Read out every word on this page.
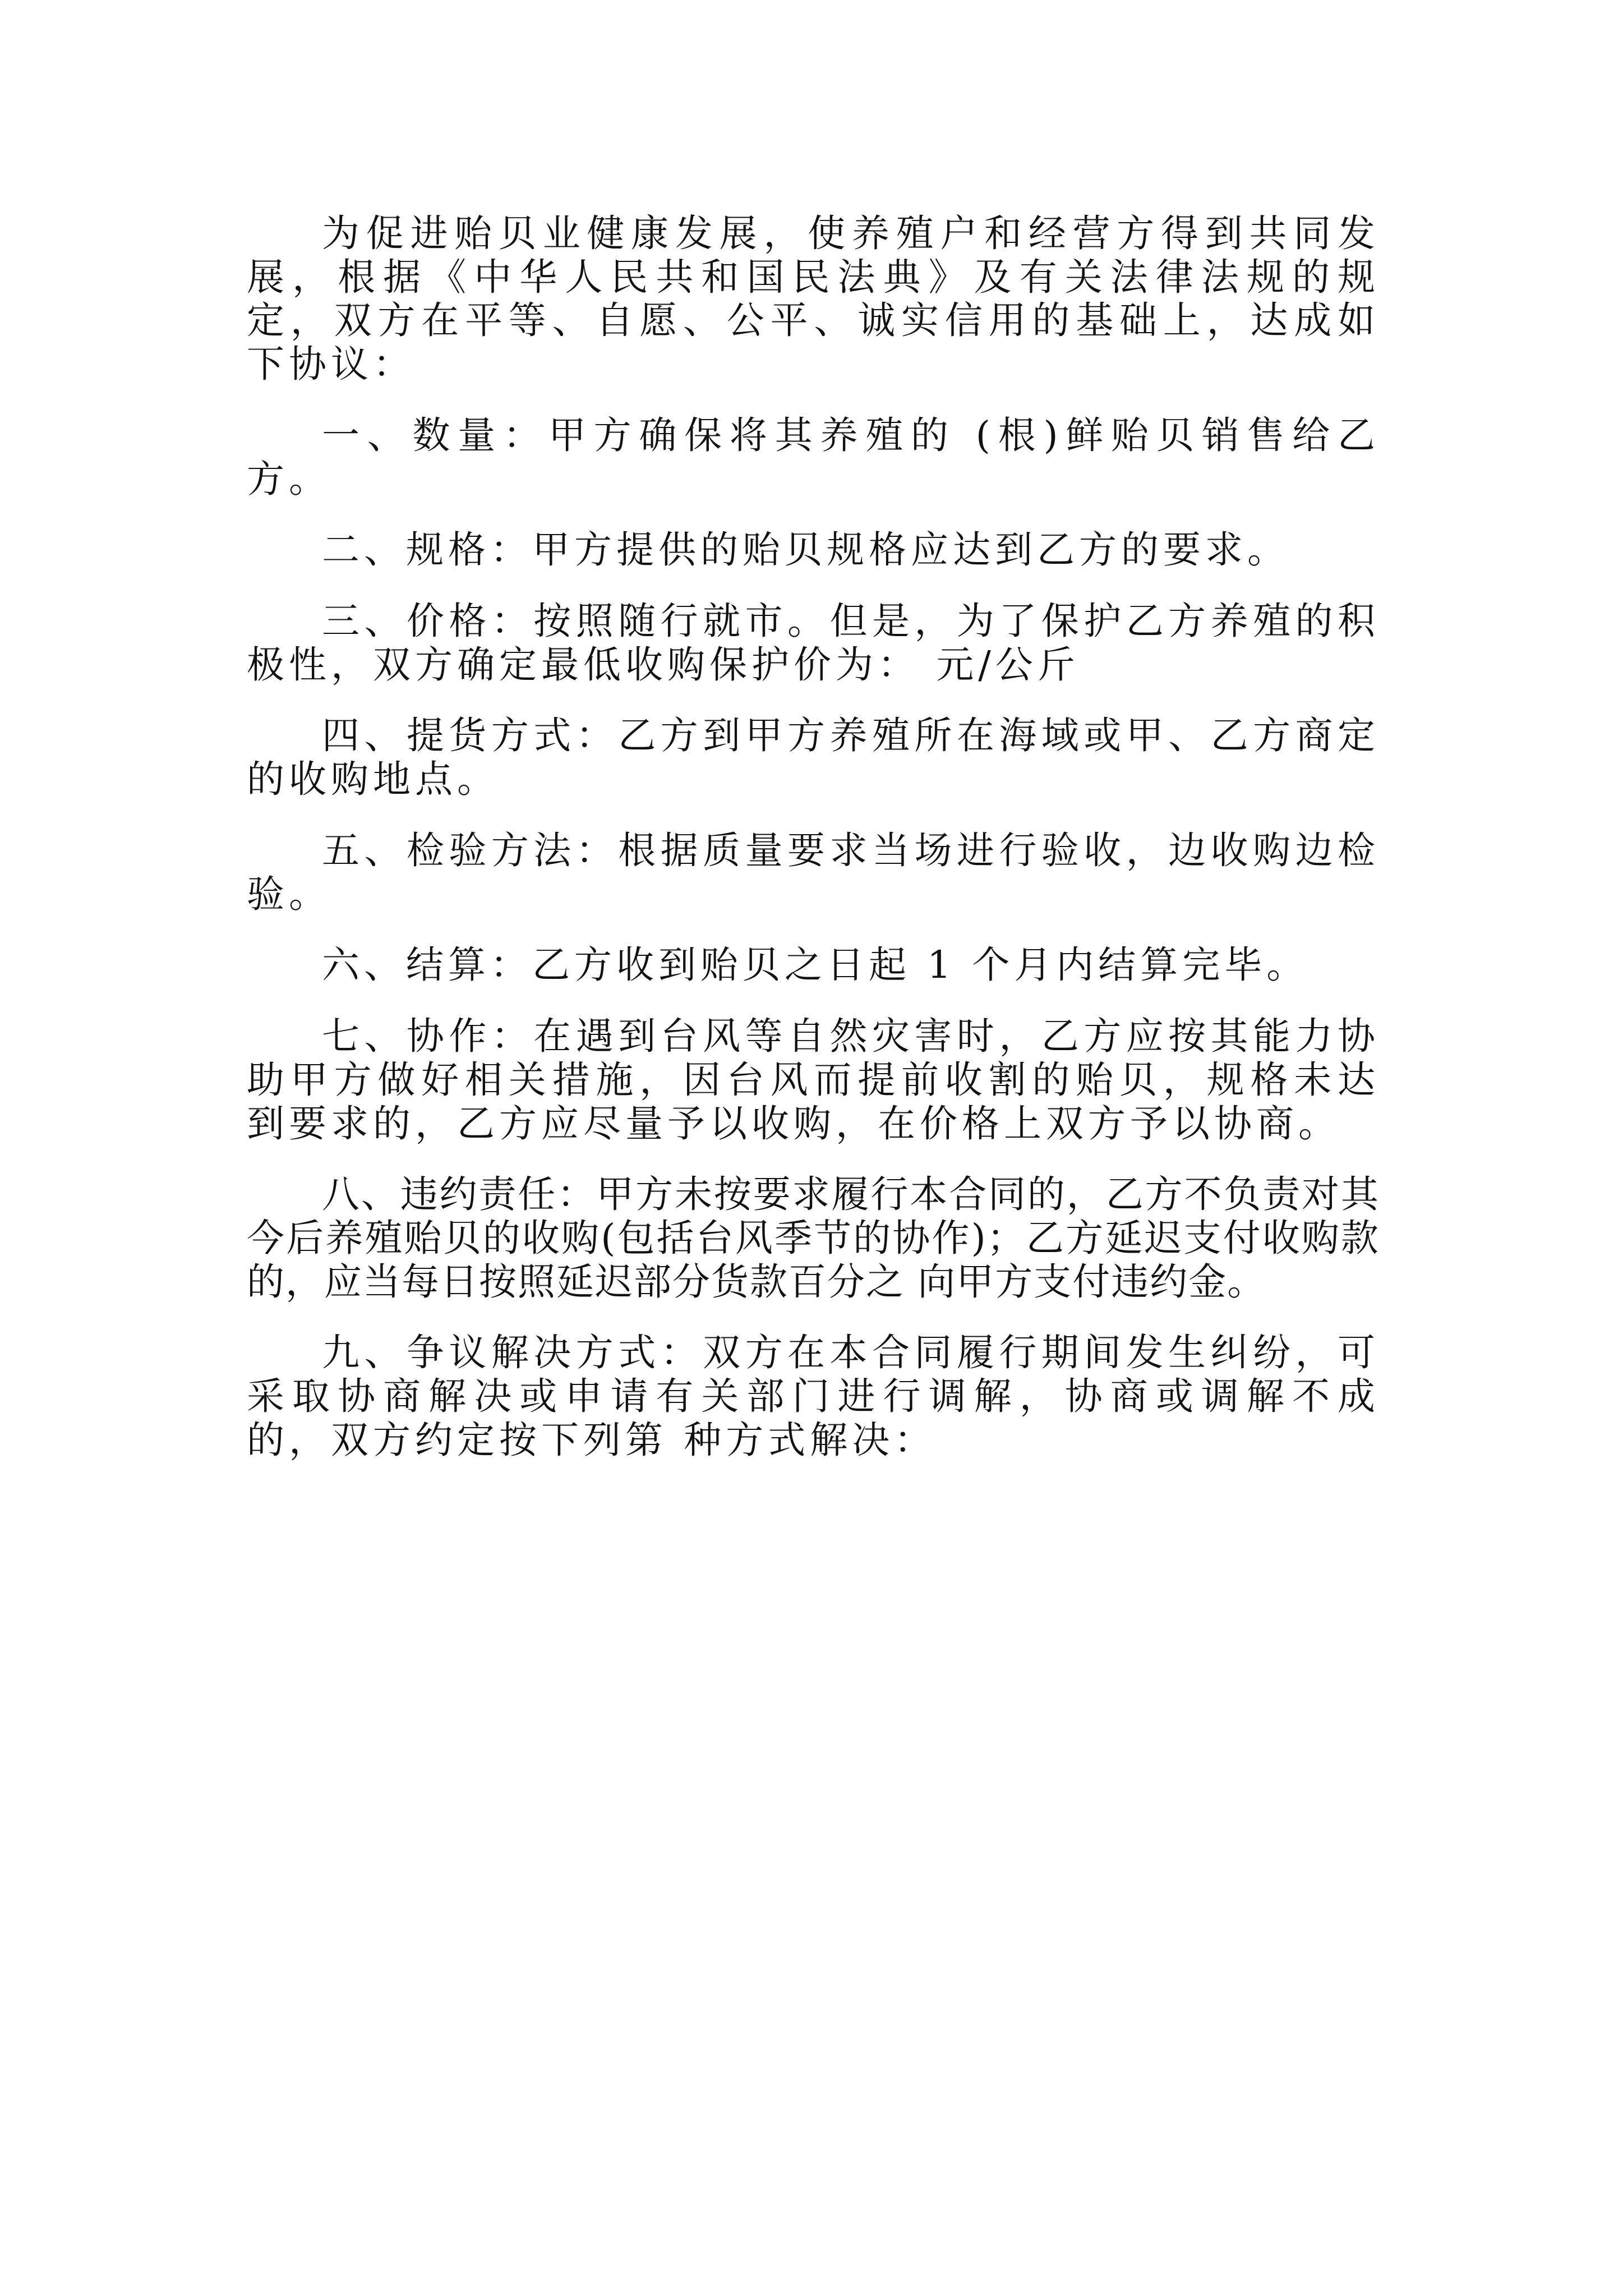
为促进贻贝业健康发展，使养殖户和经营方得到共同发展，根据《中华人民共和国民法典》及有关法律法规的规定，双方在平等、自愿、公平、诚实信用的基础上，达成如下协议：

一、数量：甲方确保将其养殖的 (根)鲜贻贝销售给乙方。

二、规格：甲方提供的贻贝规格应达到乙方的要求。

三、价格：按照随行就市。但是，为了保护乙方养殖的积极性，双方确定最低收购保护价为： 元/公斤

四、提货方式：乙方到甲方养殖所在海域或甲、乙方商定的收购地点。

五、检验方法：根据质量要求当场进行验收，边收购边检验。

六、结算：乙方收到贻贝之日起 1 个月内结算完毕。

七、协作：在遇到台风等自然灾害时，乙方应按其能力协助甲方做好相关措施，因台风而提前收割的贻贝，规格未达到要求的，乙方应尽量予以收购，在价格上双方予以协商。

八、违约责任：甲方未按要求履行本合同的，乙方不负责对其今后养殖贻贝的收购(包括台风季节的协作)；乙方延迟支付收购款的，应当每日按照延迟部分货款百分之 向甲方支付违约金。

九、争议解决方式：双方在本合同履行期间发生纠纷，可采取协商解决或申请有关部门进行调解，协商或调解不成的，双方约定按下列第 种方式解决：
